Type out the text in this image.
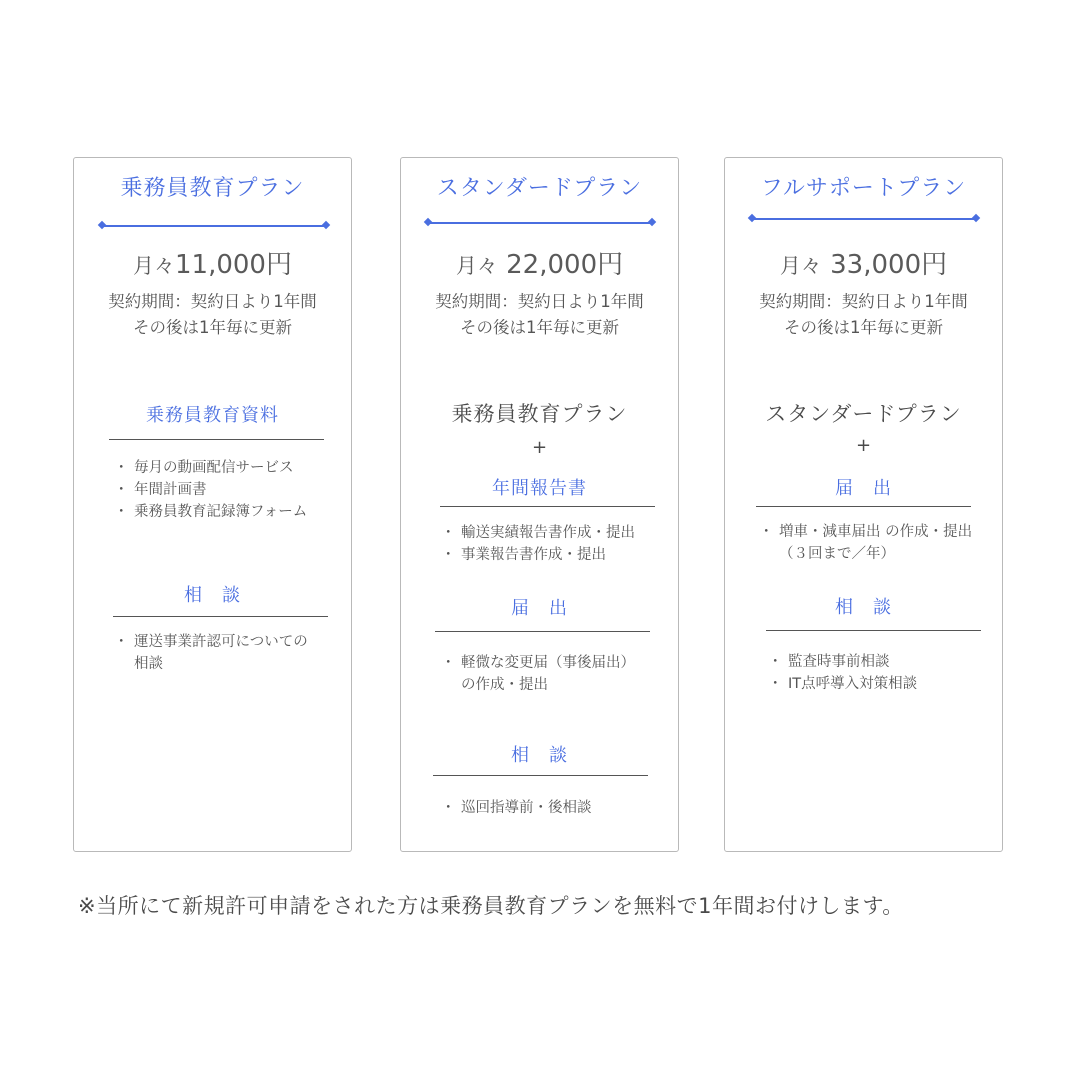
乗務員教育プラン
月々11,000円
契約期間：契約日より1年間
その後は1年毎に更新
乗務員教育資料
・ 毎月の動画配信サービス
・ 年間計画書
・ 乗務員教育記録簿フォーム
相　談
・ 運送事業許認可についての
相談
スタンダードプラン
月々 22,000円
契約期間：契約日より1年間
その後は1年毎に更新
乗務員教育プラン
+
年間報告書
・ 輸送実績報告書作成・提出
・ 事業報告書作成・提出
届　出
・ 軽微な変更届（事後届出）
の作成・提出
相　談
・ 巡回指導前・後相談
フルサポートプラン
月々 33,000円
契約期間：契約日より1年間
その後は1年毎に更新
スタンダードプラン
+
届　出
・ 増車・減車届出 の作成・提出
（３回まで／年）
相　談
・ 監査時事前相談
・ IT点呼導入対策相談
※当所にて新規許可申請をされた方は乗務員教育プランを無料で1年間お付けします。
